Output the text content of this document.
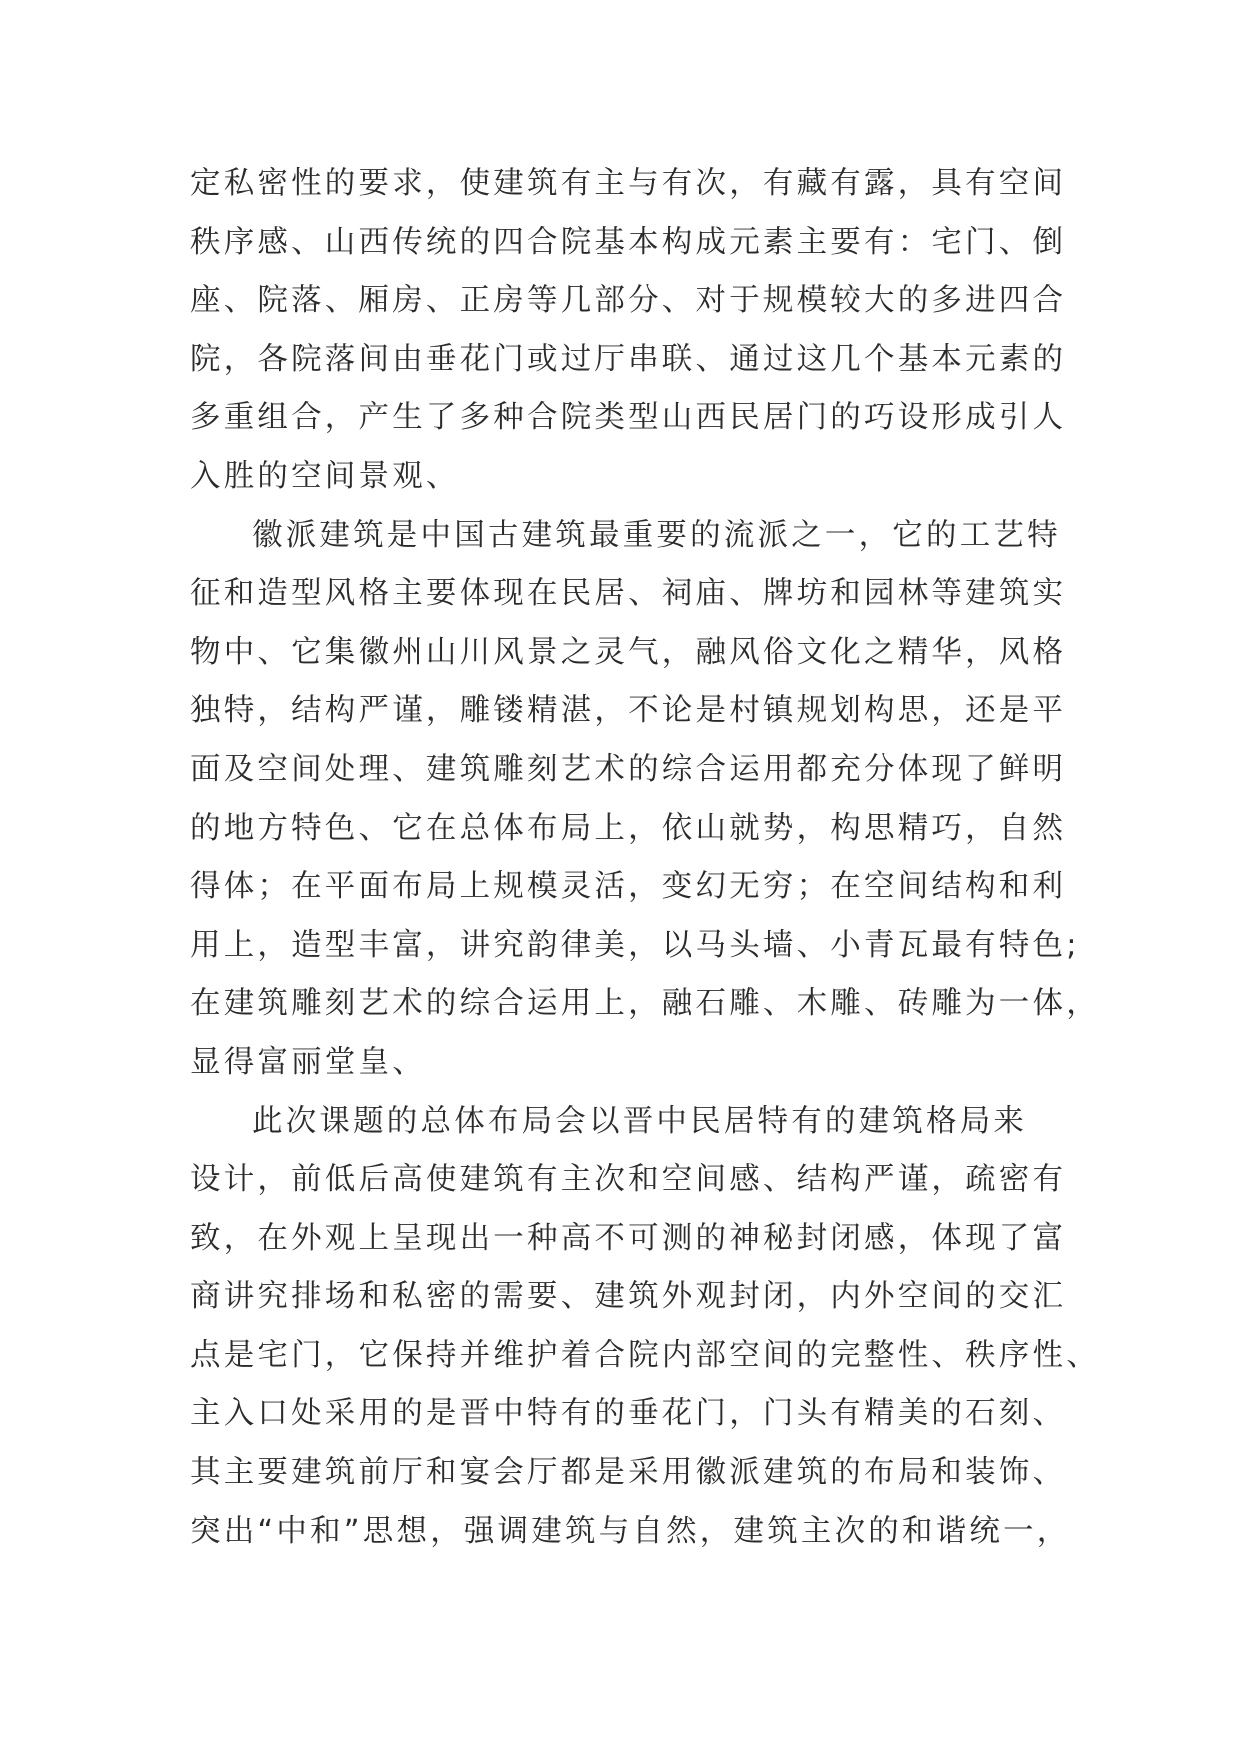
定私密性的要求，使建筑有主与有次，有藏有露，具有空间
秩序感、山西传统的四合院基本构成元素主要有：宅门、倒
座、院落、厢房、正房等几部分、对于规模较大的多进四合
院，各院落间由垂花门或过厅串联、通过这几个基本元素的
多重组合，产生了多种合院类型山西民居门的巧设形成引人
入胜的空间景观、
徽派建筑是中国古建筑最重要的流派之一，它的工艺特
征和造型风格主要体现在民居、祠庙、牌坊和园林等建筑实
物中、它集徽州山川风景之灵气，融风俗文化之精华，风格
独特，结构严谨，雕镂精湛，不论是村镇规划构思，还是平
面及空间处理、建筑雕刻艺术的综合运用都充分体现了鲜明
的地方特色、它在总体布局上，依山就势，构思精巧，自然
得体；在平面布局上规模灵活，变幻无穷；在空间结构和利
用上，造型丰富，讲究韵律美，以马头墙、小青瓦最有特色;
在建筑雕刻艺术的综合运用上，融石雕、木雕、砖雕为一体，
显得富丽堂皇、
此次课题的总体布局会以晋中民居特有的建筑格局来
设计，前低后高使建筑有主次和空间感、结构严谨，疏密有
致，在外观上呈现出一种高不可测的神秘封闭感，体现了富
商讲究排场和私密的需要、建筑外观封闭，内外空间的交汇
点是宅门，它保持并维护着合院内部空间的完整性、秩序性、
主入口处采用的是晋中特有的垂花门，门头有精美的石刻、
其主要建筑前厅和宴会厅都是采用徽派建筑的布局和装饰、
突出“中和”思想，强调建筑与自然，建筑主次的和谐统一，
